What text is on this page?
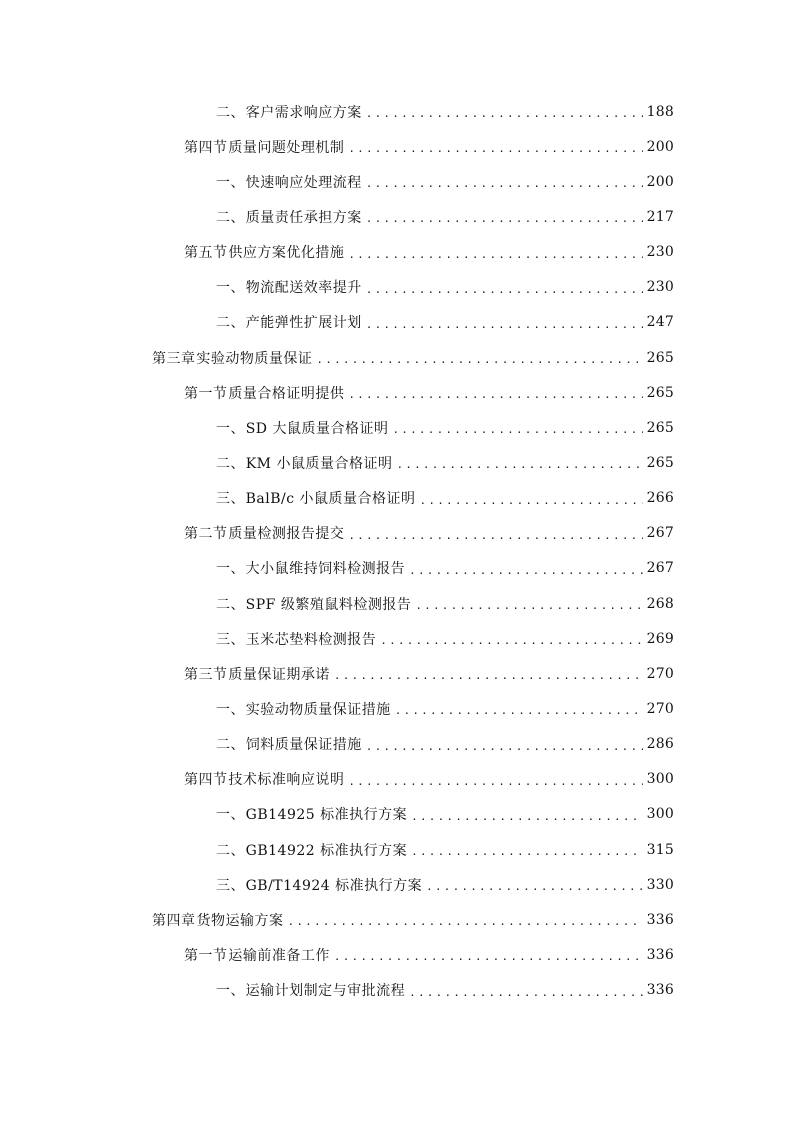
二、 客户需求响应方案 .....	188
第四节 质量问题处理机制 .....	200
一、 快速响应处理流程 .....	200
二、 质量责任承担方案 .....	217
第五节 供应方案优化措施 .....	230
一、 物流配送效率提升 .....	230
二、 产能弹性扩展计划 .....	247
第三章 实验动物质量保证 .....	265
第一节 质量合格证明提供 .....	265
一、 SD 大鼠质量合格证明 .....	265
二、 KM 小鼠质量合格证明 .....	265
三、 BalB/c 小鼠质量合格证明 .....	266
第二节 质量检测报告提交 .....	267
一、 大小鼠维持饲料检测报告 .....	267
二、 SPF 级繁殖鼠料检测报告 .....	268
三、 玉米芯垫料检测报告 .....	269
第三节 质量保证期承诺 .....	270
一、 实验动物质量保证措施 .....	270
二、 饲料质量保证措施 .....	286
第四节 技术标准响应说明 .....	300
一、 GB14925 标准执行方案 .....	300
二、 GB14922 标准执行方案 .....	315
三、 GB/T14924 标准执行方案 .....	330
第四章 货物运输方案 .....	336
第一节 运输前准备工作 .....	336
一、 运输计划制定与审批流程 .....	336
